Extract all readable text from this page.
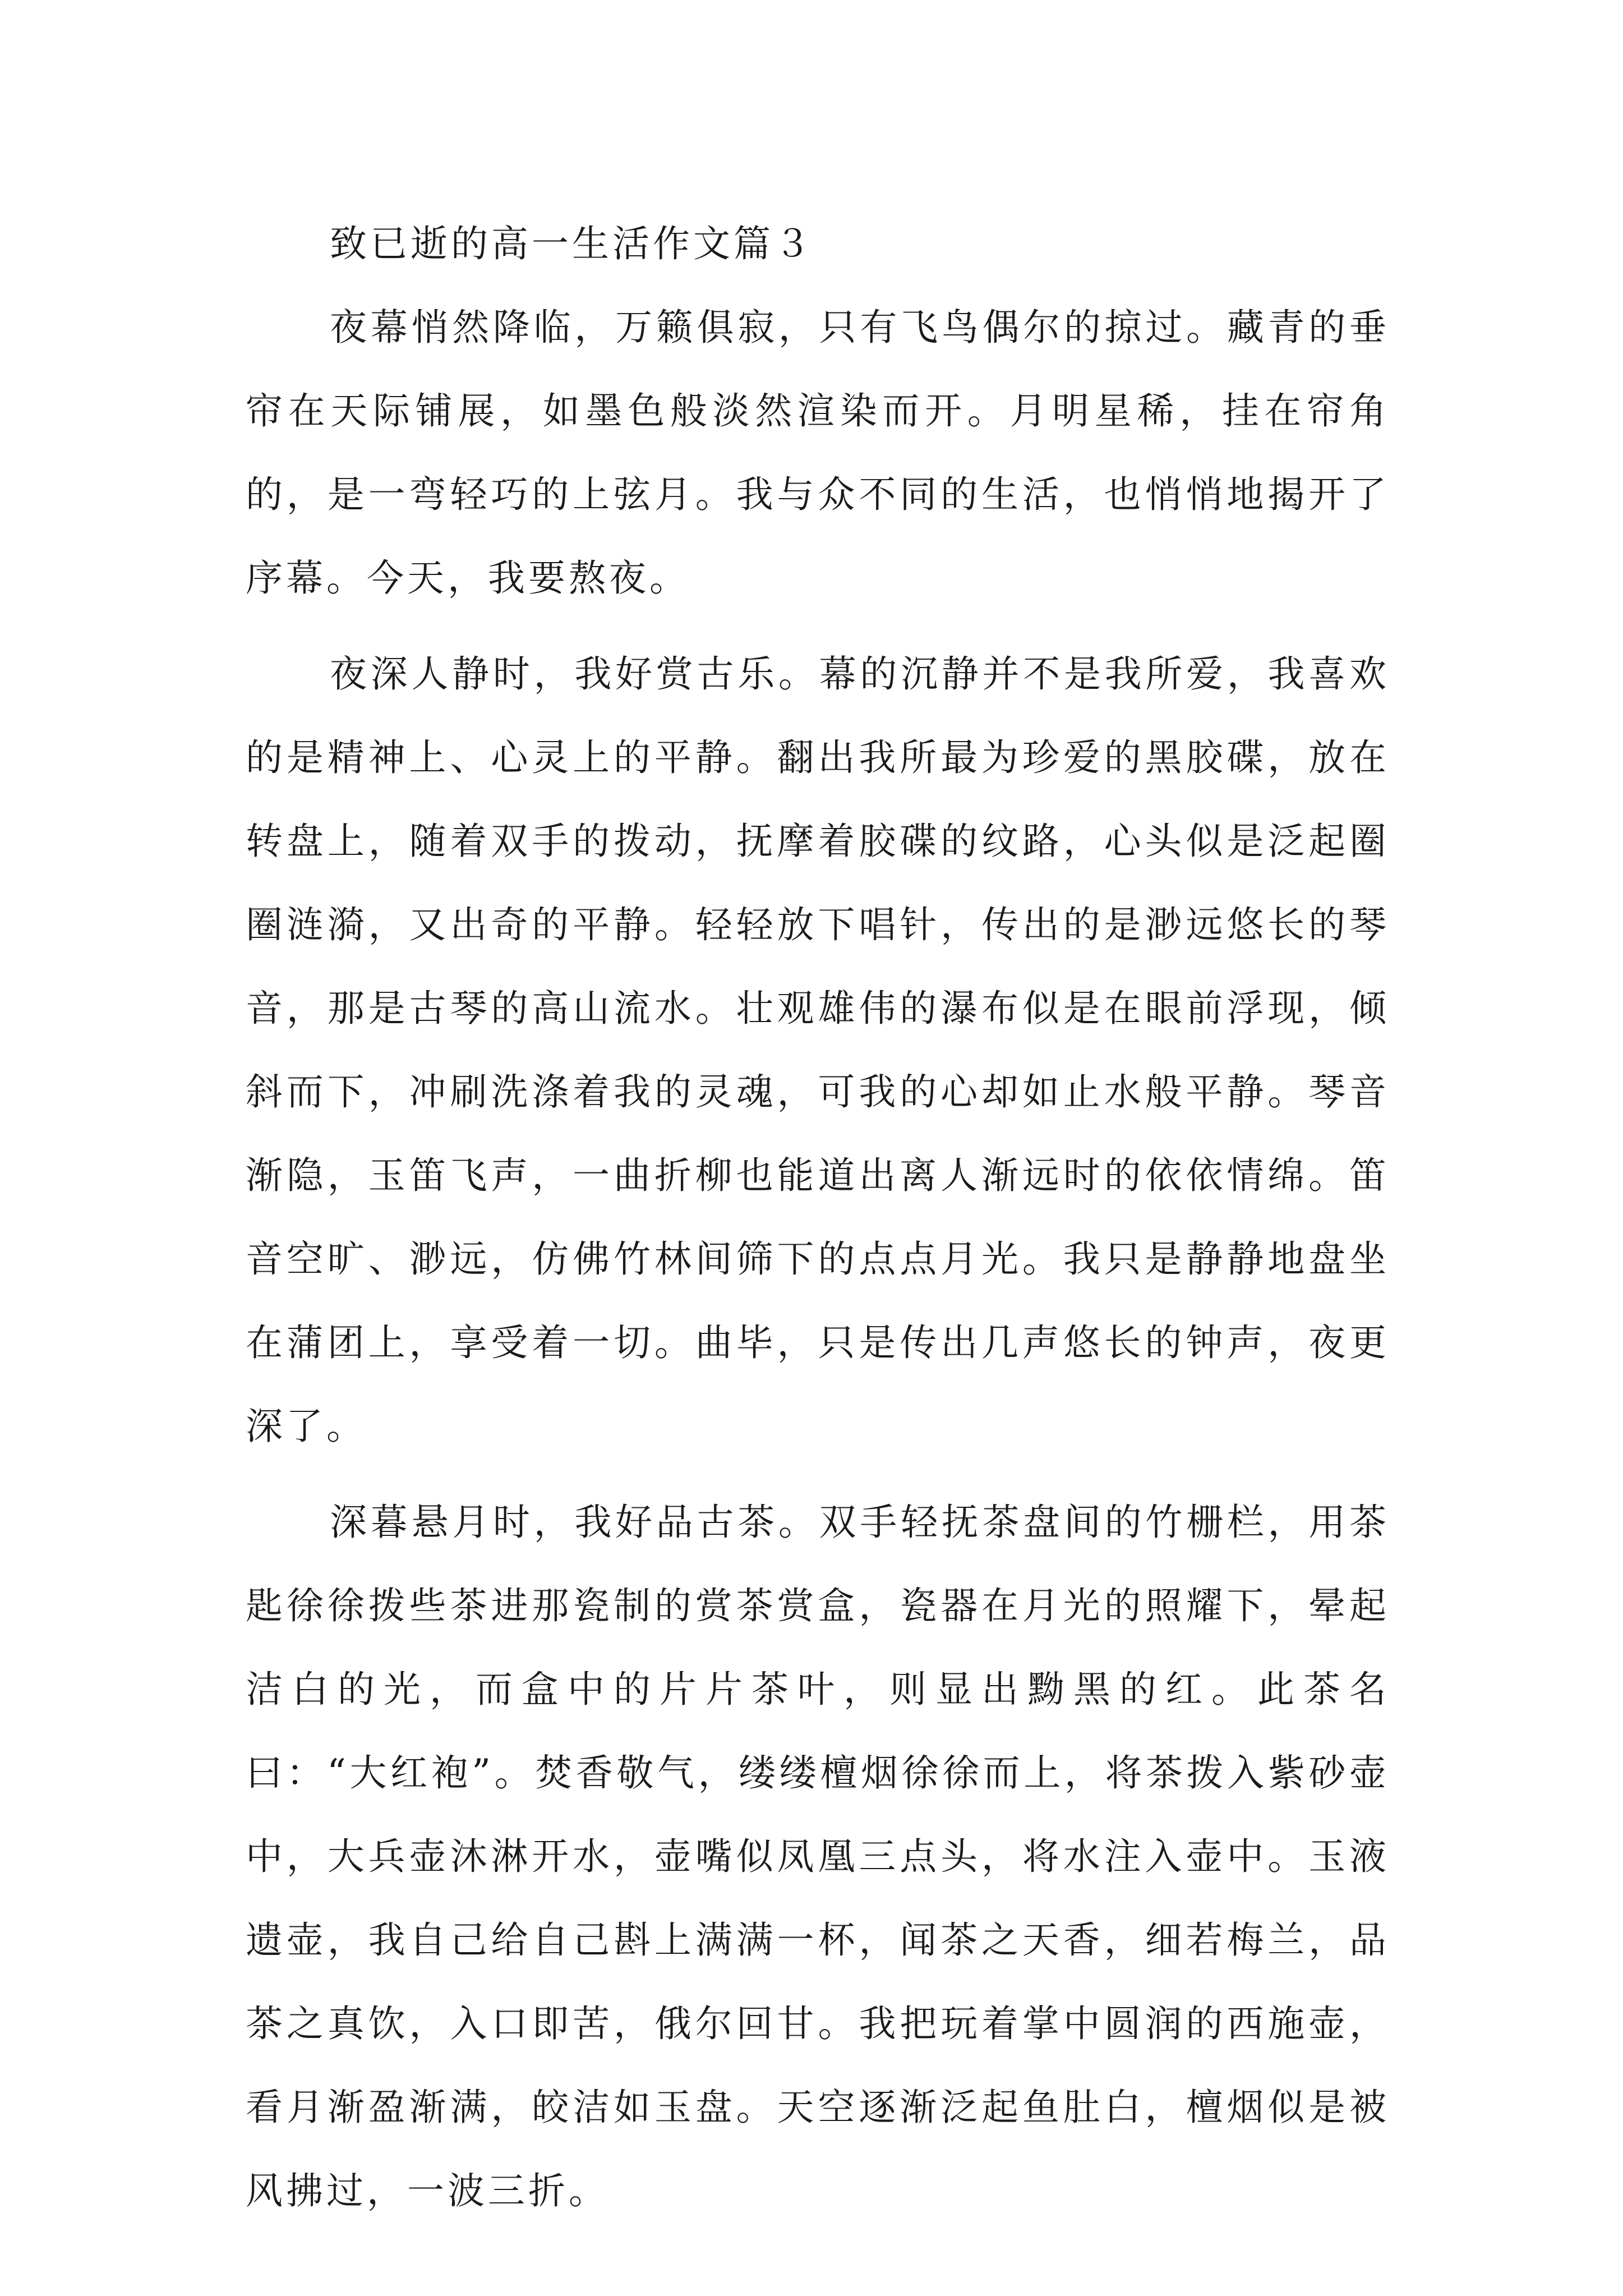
致已逝的高一生活作文篇３

夜幕悄然降临，万籁俱寂，只有飞鸟偶尔的掠过。藏青的垂帘在天际铺展，如墨色般淡然渲染而开。月明星稀，挂在帘角的，是一弯轻巧的上弦月。我与众不同的生活，也悄悄地揭开了序幕。今天，我要熬夜。

夜深人静时，我好赏古乐。幕的沉静并不是我所爱，我喜欢的是精神上、心灵上的平静。翻出我所最为珍爱的黑胶碟，放在转盘上，随着双手的拨动，抚摩着胶碟的纹路，心头似是泛起圈圈涟漪，又出奇的平静。轻轻放下唱针，传出的是渺远悠长的琴音，那是古琴的高山流水。壮观雄伟的瀑布似是在眼前浮现，倾斜而下，冲刷洗涤着我的灵魂，可我的心却如止水般平静。琴音渐隐，玉笛飞声，一曲折柳也能道出离人渐远时的依依情绵。笛音空旷、渺远，仿佛竹林间筛下的点点月光。我只是静静地盘坐在蒲团上，享受着一切。曲毕，只是传出几声悠长的钟声，夜更深了。

深暮悬月时，我好品古茶。双手轻抚茶盘间的竹栅栏，用茶匙徐徐拨些茶进那瓷制的赏茶赏盒，瓷器在月光的照耀下，晕起洁白的光，而盒中的片片茶叶，则显出黝黑的红。此茶名曰：“大红袍”。焚香敬气，缕缕檀烟徐徐而上，将茶拨入紫砂壶中，大兵壶沐淋开水，壶嘴似凤凰三点头，将水注入壶中。玉液遗壶，我自己给自己斟上满满一杯，闻茶之天香，细若梅兰，品茶之真饮，入口即苦，俄尔回甘。我把玩着掌中圆润的西施壶，看月渐盈渐满，皎洁如玉盘。天空逐渐泛起鱼肚白，檀烟似是被风拂过，一波三折。
